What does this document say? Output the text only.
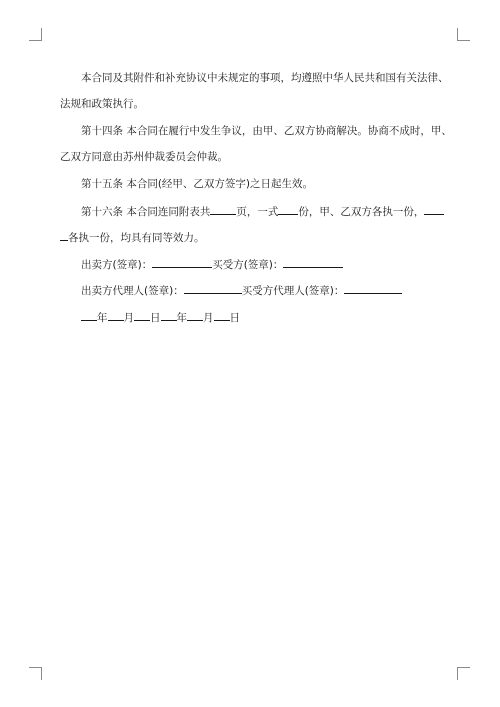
本合同及其附件和补充协议中未规定的事项，均遵照中华人民共和国有关法律、
法规和政策执行。
第十四条 本合同在履行中发生争议，由甲、乙双方协商解决。协商不成时，甲、
乙双方同意由苏州仲裁委员会仲裁。
第十五条 本合同(经甲、乙双方签字)之日起生效。
第十六条 本合同连同附表共 页，一式 份，甲、乙双方各执一份，
各执一份，均具有同等效力。
出卖方(签章)：	买受方(签章)：
出卖方代理人(签章)：	买受方代理人(签章)：
年 月 日 年 月 日
